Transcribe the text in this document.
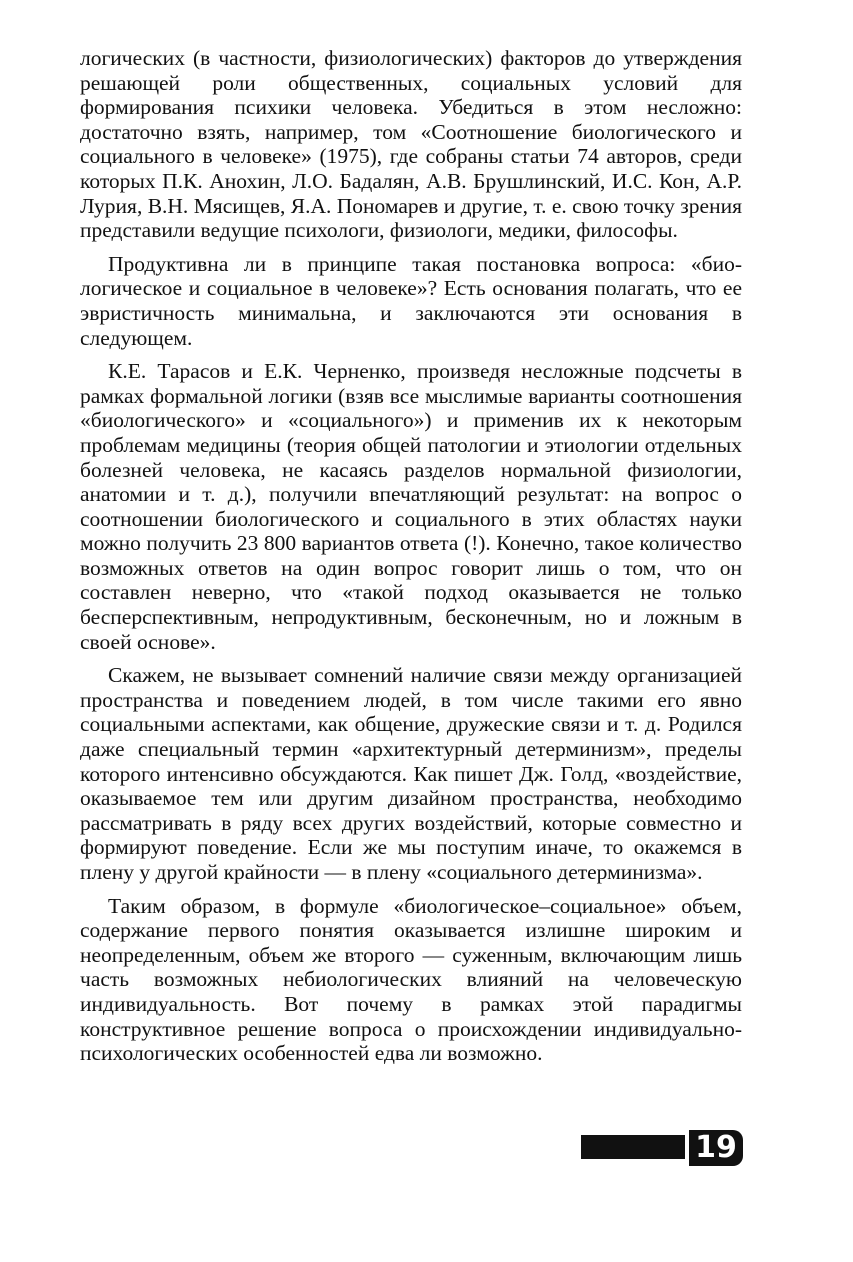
логических (в частности, физиологических) факторов до утверждения решающей роли общественных, социальных условий для формирования психики человека. Убедиться в этом несложно: достаточно взять, например, том «Соотношение биологического и социального в человеке» (1975), где собраны статьи 74 авторов, среди которых П.К. Анохин, Л.О. Бадалян, А.В. Брушлинский, И.С. Кон, А.Р. Лурия, В.Н. Мясищев, Я.А. Пономарев и другие, т. е. свою точку зрения представили ведущие психологи, физиологи, медики, философы.

Продуктивна ли в принципе такая постановка вопроса: «биологическое и социальное в человеке»? Есть основания полагать, что ее эвристичность минимальна, и заключаются эти основания в следующем.

К.Е. Тарасов и Е.К. Черненко, произведя несложные подсчеты в рамках формальной логики (взяв все мыслимые варианты соотношения «биологического» и «социального») и применив их к некоторым проблемам медицины (теория общей патологии и этиологии отдельных болезней человека, не касаясь разделов нормальной физиологии, анатомии и т. д.), получили впечатляющий результат: на вопрос о соотношении биологического и социального в этих областях науки можно получить 23 800 вариантов ответа (!). Конечно, такое количество возможных ответов на один вопрос говорит лишь о том, что он составлен неверно, что «такой подход оказывается не только бесперспективным, непродуктивным, бесконечным, но и ложным в своей основе».

Скажем, не вызывает сомнений наличие связи между организацией пространства и поведением людей, в том числе такими его явно социальными аспектами, как общение, дружеские связи и т. д. Родился даже специальный термин «архитектурный детерминизм», пределы которого интенсивно обсуждаются. Как пишет Дж. Голд, «воздействие, оказываемое тем или другим дизайном пространства, необходимо рассматривать в ряду всех других воздействий, которые совместно и формируют поведение. Если же мы поступим иначе, то окажемся в плену у другой крайности — в плену «социального детерминизма».

Таким образом, в формуле «биологическое–социальное» объем, содержание первого понятия оказывается излишне широким и неопределенным, объем же второго — суженным, включающим лишь часть возможных небиологических влияний на человеческую индивидуальность. Вот почему в рамках этой парадигмы конструктивное решение вопроса о происхождении индивидуально-психологических особенностей едва ли возможно.

19
